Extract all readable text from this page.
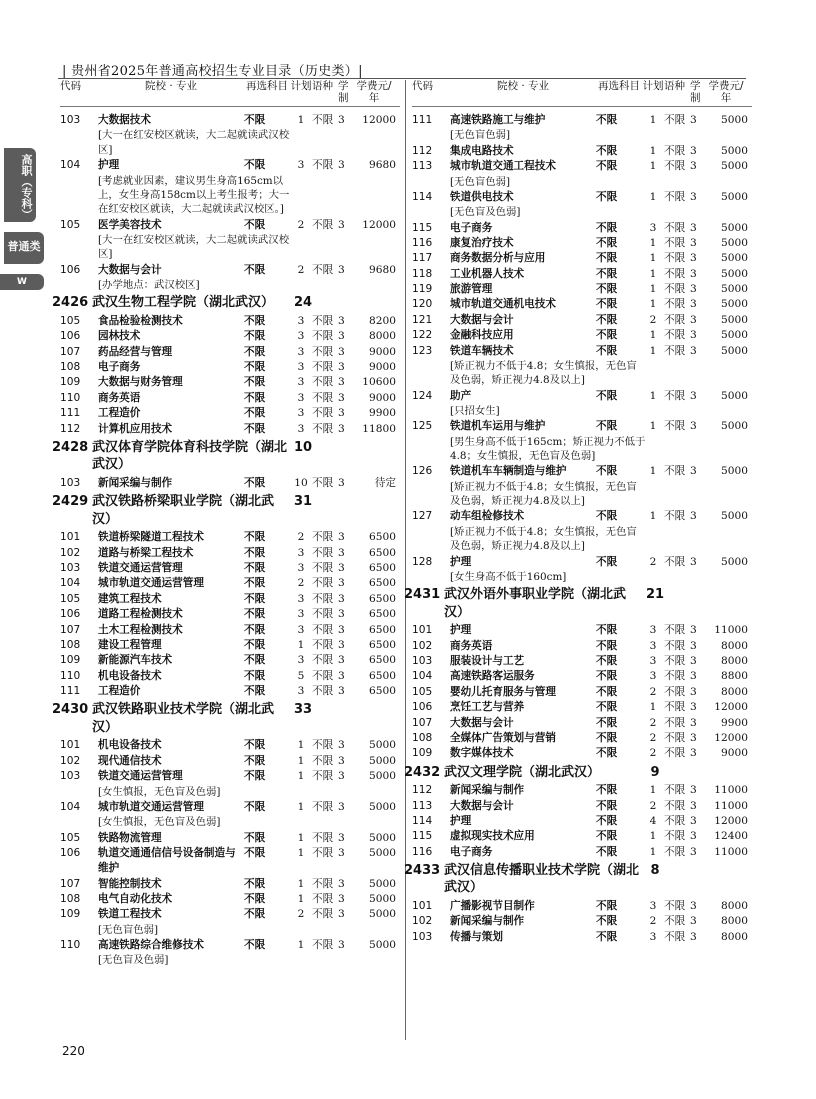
| 贵州省2025年普通高校招生专业目录（历史类）|
高职（专科）
普通类
W
代码	院校 · 专业	再选科目 计划 语种 学制
学费元/年
103	大数据技术	不限	1 不限 3	12000
[大一在红安校区就读，大二起就读武汉校区]
104	护理	不限	3 不限 3	9680
[考虑就业因素，建议男生身高165cm以上，女生身高158cm以上考生报考；大一在红安校区就读，大二起就读武汉校区。]
105	医学美容技术	不限	2 不限 3	12000
[大一在红安校区就读，大二起就读武汉校区]
106	大数据与会计	不限	2 不限 3	9680
[办学地点：武汉校区]
2426 武汉生物工程学院（湖北武汉）	24
105	食品检验检测技术	不限	3 不限 3	8200
106	园林技术	不限	3 不限 3	8000
107	药品经营与管理	不限	3 不限 3	9000
108	电子商务	不限	3 不限 3	9000
109	大数据与财务管理	不限	3 不限 3	10600
110	商务英语	不限	3 不限 3	9000
111	工程造价	不限	3 不限 3	9900
112	计算机应用技术	不限	3 不限 3	11800
2428 武汉体育学院体育科技学院（湖北武汉）
10
103	新闻采编与制作	不限	10 不限 3	待定
2429 武汉铁路桥梁职业学院（湖北武汉）
31
101	铁道桥梁隧道工程技术	不限	2 不限 3	6500
102	道路与桥梁工程技术	不限	3 不限 3	6500
103	铁道交通运营管理	不限	3 不限 3	6500
104	城市轨道交通运营管理	不限	2 不限 3	6500
105	建筑工程技术	不限	3 不限 3	6500
106	道路工程检测技术	不限	3 不限 3	6500
107	土木工程检测技术	不限	3 不限 3	6500
108	建设工程管理	不限	1 不限 3	6500
109	新能源汽车技术	不限	3 不限 3	6500
110	机电设备技术	不限	5 不限 3	6500
111	工程造价	不限	3 不限 3	6500
2430 武汉铁路职业技术学院（湖北武汉）
33
101	机电设备技术	不限	1 不限 3	5000
102	现代通信技术	不限	1 不限 3	5000
103	铁道交通运营管理	不限	1 不限 3	5000
[女生慎报，无色盲及色弱]
104	城市轨道交通运营管理	不限	1 不限 3	5000
[女生慎报，无色盲及色弱]
105	铁路物流管理	不限	1 不限 3	5000
106	轨道交通通信信号设备制造与维护
不限	1 不限 3	5000
107	智能控制技术	不限	1 不限 3	5000
108	电气自动化技术	不限	1 不限 3	5000
109	铁道工程技术	不限	2 不限 3	5000
[无色盲色弱]
110	高速铁路综合维修技术	不限	1 不限 3	5000
[无色盲及色弱]
代码	院校 · 专业	再选科目 计划 语种 学制
学费元/年
111	高速铁路施工与维护	不限	1 不限 3	5000
[无色盲色弱]
112	集成电路技术	不限	1 不限 3	5000
113	城市轨道交通工程技术	不限	1 不限 3	5000
[无色盲色弱]
114	铁道供电技术	不限	1 不限 3	5000
[无色盲及色弱]
115	电子商务	不限	3 不限 3	5000
116	康复治疗技术	不限	1 不限 3	5000
117	商务数据分析与应用	不限	1 不限 3	5000
118	工业机器人技术	不限	1 不限 3	5000
119	旅游管理	不限	1 不限 3	5000
120	城市轨道交通机电技术	不限	1 不限 3	5000
121	大数据与会计	不限	2 不限 3	5000
122	金融科技应用	不限	1 不限 3	5000
123	铁道车辆技术	不限	1 不限 3	5000
[矫正视力不低于4.8；女生慎报，无色盲及色弱，矫正视力4.8及以上]
124	助产	不限	1 不限 3	5000
[只招女生]
125	铁道机车运用与维护	不限	1 不限 3	5000
[男生身高不低于165cm；矫正视力不低于4.8；女生慎报，无色盲及色弱]
126	铁道机车车辆制造与维护	不限	1 不限 3	5000
[矫正视力不低于4.8；女生慎报，无色盲及色弱，矫正视力4.8及以上]
127	动车组检修技术	不限	1 不限 3	5000
[矫正视力不低于4.8；女生慎报，无色盲及色弱，矫正视力4.8及以上]
128	护理	不限	2 不限 3	5000
[女生身高不低于160cm]
2431 武汉外语外事职业学院（湖北武汉）
21
101	护理	不限	3 不限 3	11000
102	商务英语	不限	3 不限 3	8000
103	服装设计与工艺	不限	3 不限 3	8000
104	高速铁路客运服务	不限	3 不限 3	8800
105	婴幼儿托育服务与管理	不限	2 不限 3	8000
106	烹饪工艺与营养	不限	1 不限 3	12000
107	大数据与会计	不限	2 不限 3	9900
108	全媒体广告策划与营销	不限	2 不限 3	12000
109	数字媒体技术	不限	2 不限 3	9000
2432 武汉文理学院（湖北武汉）	9
112	新闻采编与制作	不限	1 不限 3	11000
113	大数据与会计	不限	2 不限 3	11000
114	护理	不限	4 不限 3	12000
115	虚拟现实技术应用	不限	1 不限 3	12400
116	电子商务	不限	1 不限 3	11000
2433 武汉信息传播职业技术学院（湖北武汉）
8
101	广播影视节目制作	不限	3 不限 3	8000
102	新闻采编与制作	不限	2 不限 3	8000
103	传播与策划	不限	3 不限 3	8000
220
